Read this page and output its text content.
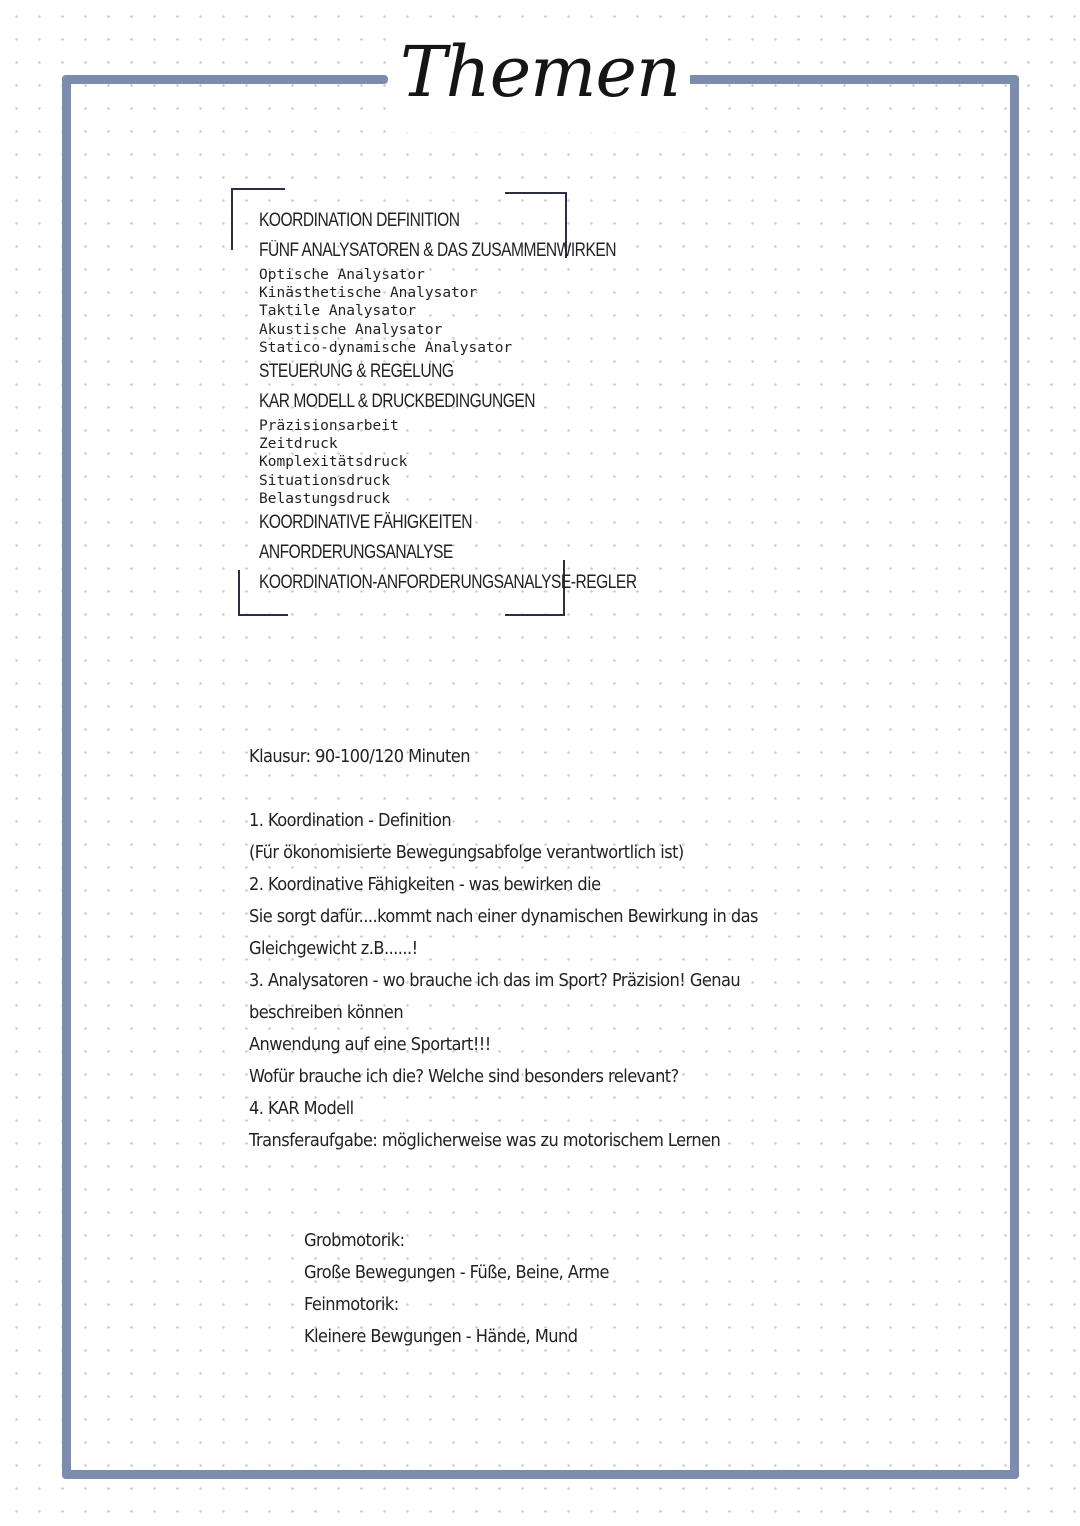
Themen
KOORDINATION DEFINITION
FÜNF ANALYSATOREN & DAS ZUSAMMENWIRKEN
Optische Analysator
Kinästhetische Analysator
Taktile Analysator
Akustische Analysator
Statico-dynamische Analysator
STEUERUNG & REGELUNG
KAR MODELL & DRUCKBEDINGUNGEN
Präzisionsarbeit
Zeitdruck
Komplexitätsdruck
Situationsdruck
Belastungsdruck
KOORDINATIVE FÄHIGKEITEN
ANFORDERUNGSANALYSE
KOORDINATION-ANFORDERUNGSANALYSE-REGLER
Klausur: 90-100/120 Minuten
1. Koordination - Definition
(Für ökonomisierte Bewegungsabfolge verantwortlich ist)
2. Koordinative Fähigkeiten - was bewirken die
Sie sorgt dafür....kommt nach einer dynamischen Bewirkung in das
Gleichgewicht z.B......!
3. Analysatoren - wo brauche ich das im Sport? Präzision! Genau
beschreiben können
Anwendung auf eine Sportart!!!
Wofür brauche ich die? Welche sind besonders relevant?
4. KAR Modell
Transferaufgabe: möglicherweise was zu motorischem Lernen
Grobmotorik:
Große Bewegungen - Füße, Beine, Arme
Feinmotorik:
Kleinere Bewgungen - Hände, Mund
